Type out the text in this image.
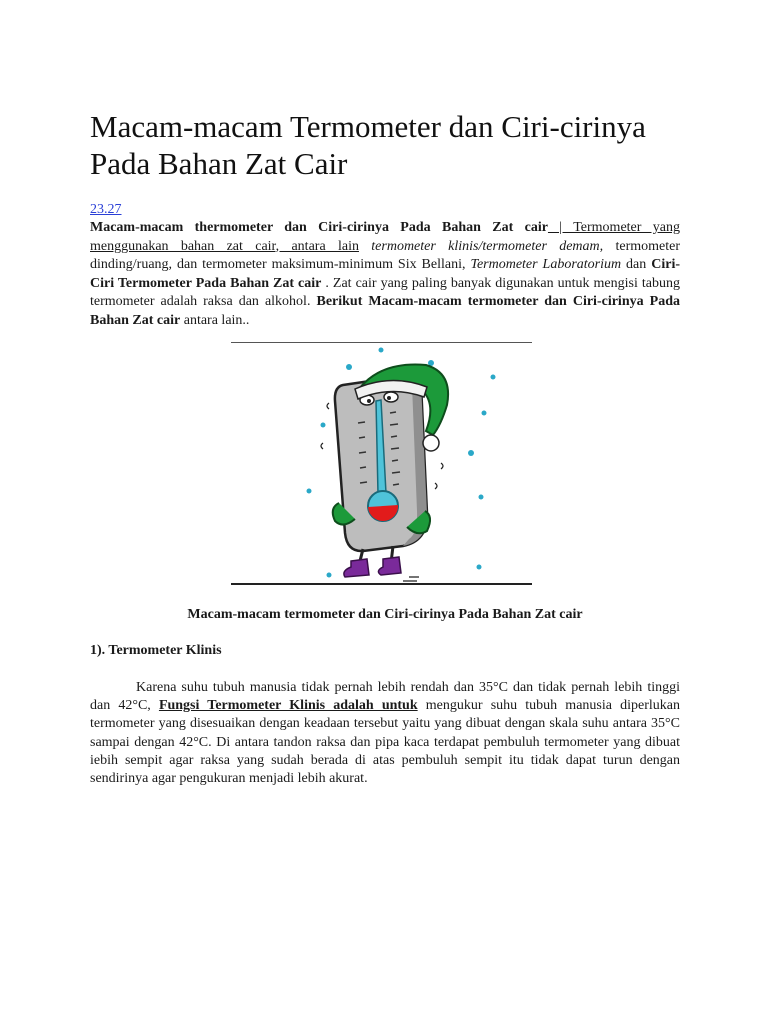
Macam-macam Termometer dan Ciri-cirinya Pada Bahan Zat Cair
23.27

Macam-macam thermometer dan Ciri-cirinya Pada Bahan Zat cair | Termometer yang menggunakan bahan zat cair, antara lain termometer klinis/termometer demam, termometer dinding/ruang, dan termometer maksimum-minimum Six Bellani, Termometer Laboratorium dan Ciri-Ciri Termometer Pada Bahan Zat cair . Zat cair yang paling banyak digunakan untuk mengisi tabung termometer adalah raksa dan alkohol. Berikut Macam-macam termometer dan Ciri-cirinya Pada Bahan Zat cair antara lain..

Macam-macam termometer dan Ciri-cirinya Pada Bahan Zat cair

1). Termometer Klinis

Karena suhu tubuh manusia tidak pernah lebih rendah dan 35°C dan tidak pernah lebih tinggi dan 42°C, Fungsi Termometer Klinis adalah untuk mengukur suhu tubuh manusia diperlukan termometer yang disesuaikan dengan keadaan tersebut yaitu yang dibuat dengan skala suhu antara 35°C sampai dengan 42°C. Di antara tandon raksa dan pipa kaca terdapat pembuluh termometer yang dibuat iebih sempit agar raksa yang sudah berada di atas pembuluh sempit itu tidak dapat turun dengan sendirinya agar pengukuran menjadi lebih akurat.
